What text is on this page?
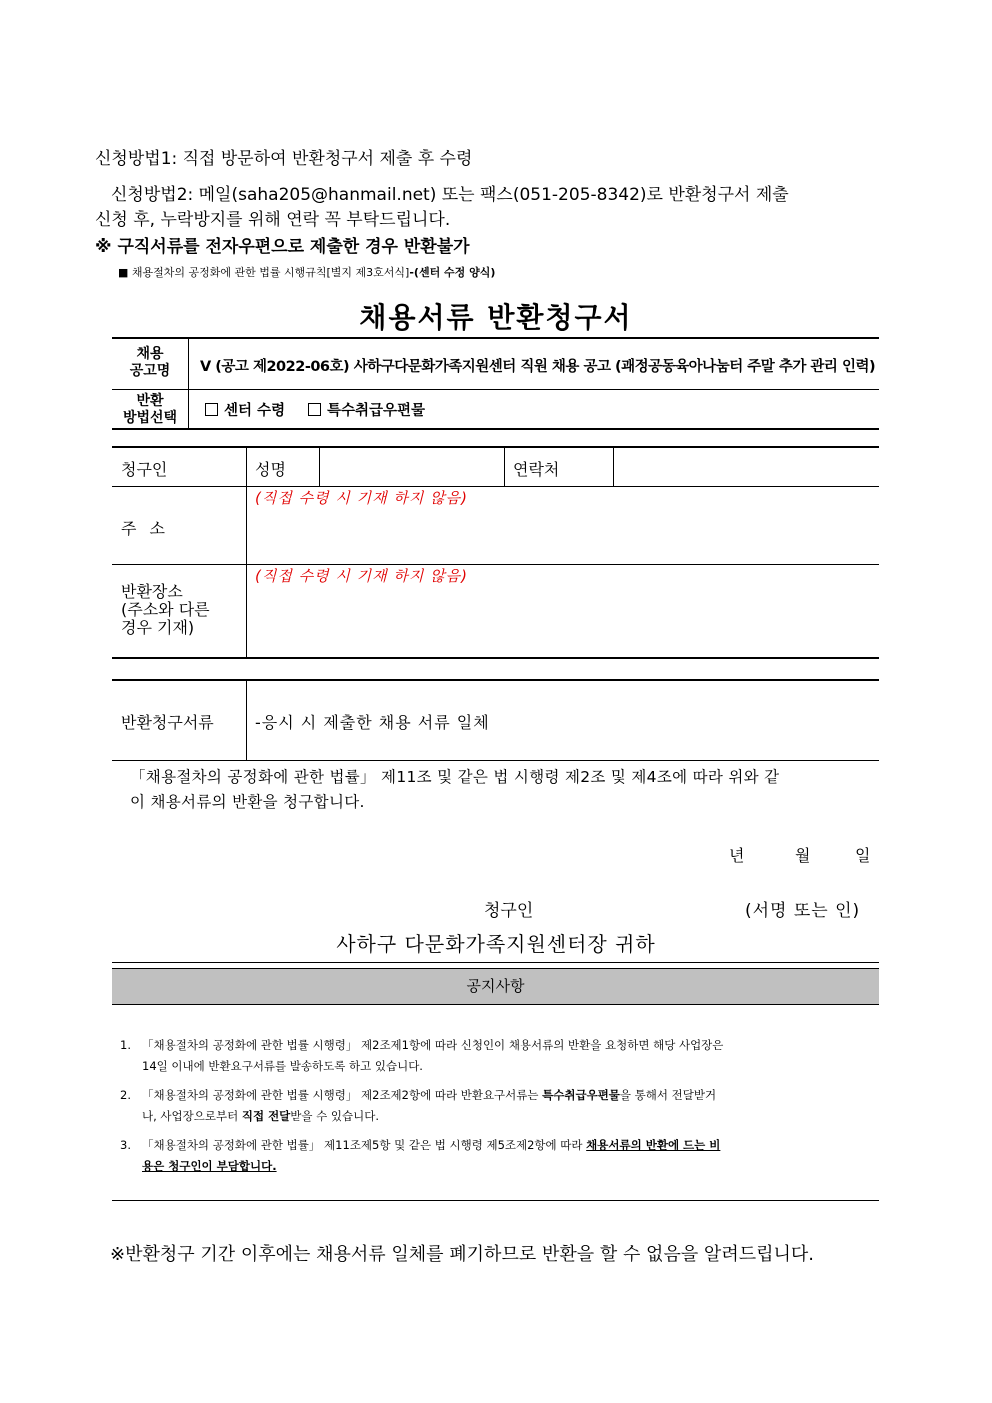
신청방법1: 직접 방문하여 반환청구서 제출 후 수령
신청방법2: 메일(saha205@hanmail.net) 또는 팩스(051-205-8342)로 반환청구서 제출
신청 후, 누락방지를 위해 연락 꼭 부탁드립니다.
※ 구직서류를 전자우편으로 제출한 경우 반환불가
■ 채용절차의 공정화에 관한 법률 시행규칙[별지 제3호서식]-(센터 수정 양식)
채용서류 반환청구서
채용
공고명	V (공고 제2022-06호) 사하구다문화가족지원센터 직원 채용 공고 (괘정공동육아나눔터 주말 추가 관리 인력)
반환
방법선택	센터 수령	특수취급우편물
청구인	성명	연락처
주 소
(직접 수령 시 기재 하지 않음)
반환장소
(주소와 다른
경우 기재)
(직접 수령 시 기재 하지 않음)
반환청구서류	-응시 시 제출한 채용 서류 일체
「채용절차의 공정화에 관한 법률」 제11조 및 같은 법 시행령 제2조 및 제4조에 따라 위와 같
이 채용서류의 반환을 청구합니다.
년	월	일
청구인	(서명 또는 인)
사하구 다문화가족지원센터장 귀하
공지사항
1. 「채용절차의 공정화에 관한 법률 시행령」 제2조제1항에 따라 신청인이 채용서류의 반환을 요청하면 해당 사업장은
14일 이내에 반환요구서류를 발송하도록 하고 있습니다.
2. 「채용절차의 공정화에 관한 법률 시행령」 제2조제2항에 따라 반환요구서류는 특수취급우편물을 통해서 전달받거
나, 사업장으로부터 직접 전달받을 수 있습니다.
3. 「채용절차의 공정화에 관한 법률」 제11조제5항 및 같은 법 시행령 제5조제2항에 따라 채용서류의 반환에 드는 비
용은 청구인이 부담합니다.
※반환청구 기간 이후에는 채용서류 일체를 폐기하므로 반환을 할 수 없음을 알려드립니다.
